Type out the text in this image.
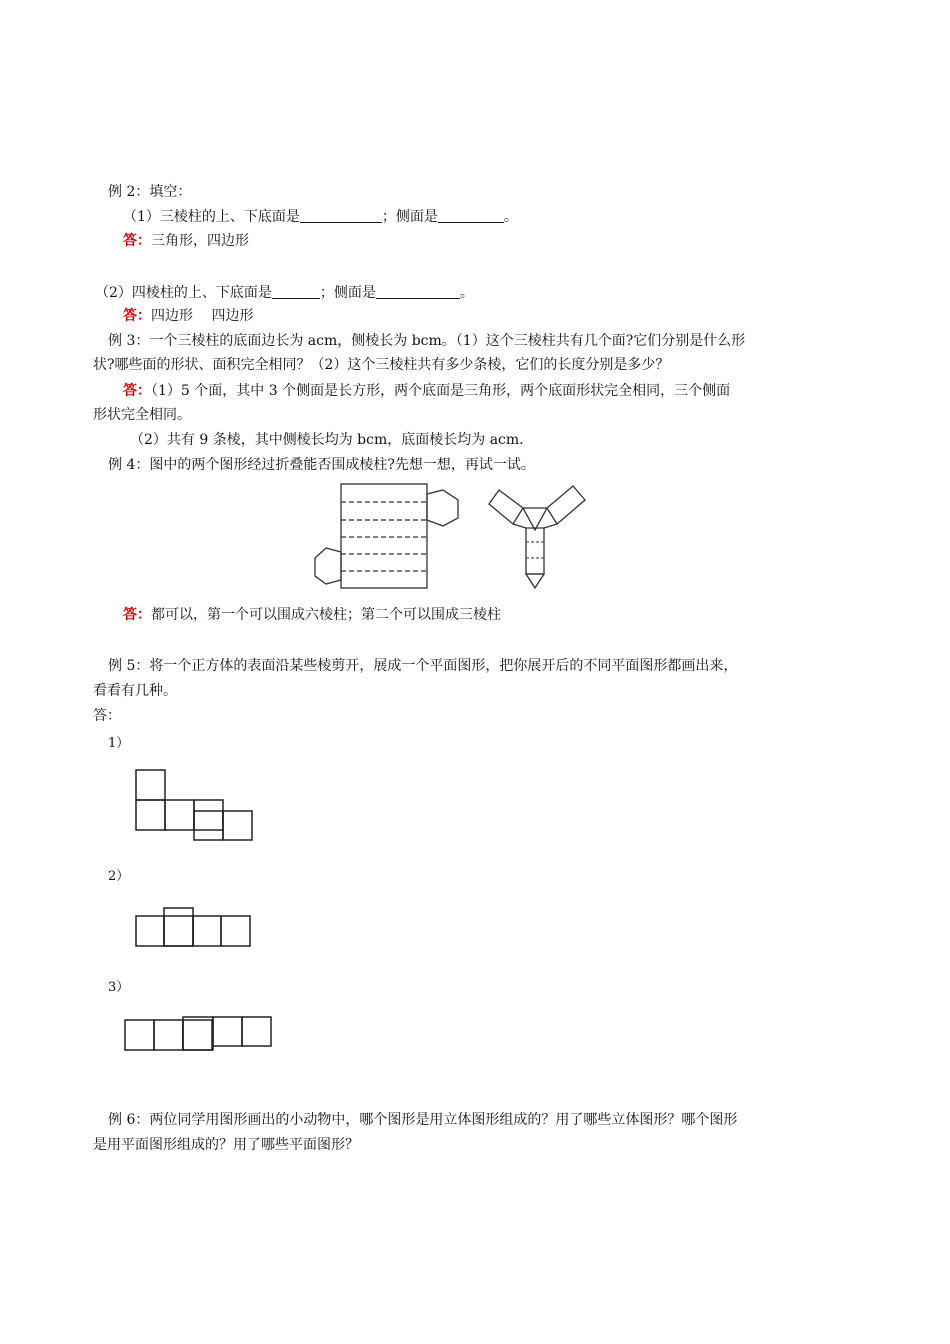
例 2：填空：
（1）三棱柱的上、下底面是	；侧面是	。
答：三角形，四边形
（2）四棱柱的上、下底面是	；侧面是	。
答：四边形　 四边形
例 3：一个三棱柱的底面边长为 acm，侧棱长为 bcm。（1）这个三棱柱共有几个面?它们分别是什么形
状?哪些面的形状、面积完全相同？（2）这个三棱柱共有多少条棱，它们的长度分别是多少？
答：（1）5 个面，其中 3 个侧面是长方形，两个底面是三角形，两个底面形状完全相同，三个侧面
形状完全相同。
（2）共有 9 条棱，其中侧棱长均为 bcm，底面棱长均为 acm.
例 4：图中的两个图形经过折叠能否围成棱柱?先想一想，再试一试。
答：都可以，第一个可以围成六棱柱；第二个可以围成三棱柱
例 5：将一个正方体的表面沿某些棱剪开，展成一个平面图形，把你展开后的不同平面图形都画出来，
看看有几种。
答：
1）
2）
3）
例 6：两位同学用图形画出的小动物中，哪个图形是用立体图形组成的？用了哪些立体图形？哪个图形
是用平面图形组成的？用了哪些平面图形？
